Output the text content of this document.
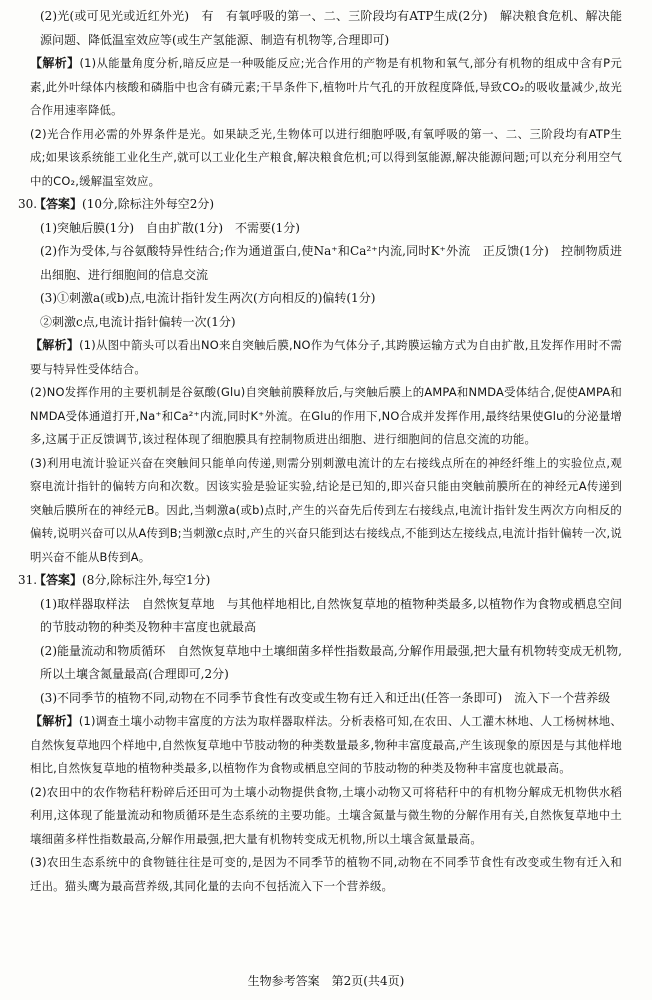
(2)光(或可见光或近红外光)　有　有氧呼吸的第一、二、三阶段均有ATP生成(2分)　解决粮食危机、解决能源问题、降低温室效应等(或生产氢能源、制造有机物等,合理即可)

【解析】(1)从能量角度分析,暗反应是一种吸能反应;光合作用的产物是有机物和氧气,部分有机物的组成中含有P元素,此外叶绿体内核酸和磷脂中也含有磷元素;干旱条件下,植物叶片气孔的开放程度降低,导致CO₂的吸收量减少,故光合作用速率降低。

(2)光合作用必需的外界条件是光。如果缺乏光,生物体可以进行细胞呼吸,有氧呼吸的第一、二、三阶段均有ATP生成;如果该系统能工业化生产,就可以工业化生产粮食,解决粮食危机;可以得到氢能源,解决能源问题;可以充分利用空气中的CO₂,缓解温室效应。

30.【答案】(10分,除标注外每空2分)

(1)突触后膜(1分)　自由扩散(1分)　不需要(1分)

(2)作为受体,与谷氨酸特异性结合;作为通道蛋白,使Na⁺和Ca²⁺内流,同时K⁺外流　正反馈(1分)　控制物质进出细胞、进行细胞间的信息交流

(3)①刺激a(或b)点,电流计指针发生两次(方向相反的)偏转(1分)

②刺激c点,电流计指针偏转一次(1分)

【解析】(1)从图中箭头可以看出NO来自突触后膜,NO作为气体分子,其跨膜运输方式为自由扩散,且发挥作用时不需要与特异性受体结合。

(2)NO发挥作用的主要机制是谷氨酸(Glu)自突触前膜释放后,与突触后膜上的AMPA和NMDA受体结合,促使AMPA和NMDA受体通道打开,Na⁺和Ca²⁺内流,同时K⁺外流。在Glu的作用下,NO合成并发挥作用,最终结果使Glu的分泌量增多,这属于正反馈调节,该过程体现了细胞膜具有控制物质进出细胞、进行细胞间的信息交流的功能。

(3)利用电流计验证兴奋在突触间只能单向传递,则需分别刺激电流计的左右接线点所在的神经纤维上的实验位点,观察电流计指针的偏转方向和次数。因该实验是验证实验,结论是已知的,即兴奋只能由突触前膜所在的神经元A传递到突触后膜所在的神经元B。因此,当刺激a(或b)点时,产生的兴奋先后传到左右接线点,电流计指针发生两次方向相反的偏转,说明兴奋可以从A传到B;当刺激c点时,产生的兴奋只能到达右接线点,不能到达左接线点,电流计指针偏转一次,说明兴奋不能从B传到A。

31.【答案】(8分,除标注外,每空1分)

(1)取样器取样法　自然恢复草地　与其他样地相比,自然恢复草地的植物种类最多,以植物作为食物或栖息空间的节肢动物的种类及物种丰富度也就最高

(2)能量流动和物质循环　自然恢复草地中土壤细菌多样性指数最高,分解作用最强,把大量有机物转变成无机物,所以土壤含氮量最高(合理即可,2分)

(3)不同季节的植物不同,动物在不同季节食性有改变或生物有迁入和迁出(任答一条即可)　流入下一个营养级

【解析】(1)调查土壤小动物丰富度的方法为取样器取样法。分析表格可知,在农田、人工灌木林地、人工杨树林地、自然恢复草地四个样地中,自然恢复草地中节肢动物的种类数量最多,物种丰富度最高,产生该现象的原因是与其他样地相比,自然恢复草地的植物种类最多,以植物作为食物或栖息空间的节肢动物的种类及物种丰富度也就最高。

(2)农田中的农作物秸秆粉碎后还田可为土壤小动物提供食物,土壤小动物又可将秸秆中的有机物分解成无机物供水稻利用,这体现了能量流动和物质循环是生态系统的主要功能。土壤含氮量与微生物的分解作用有关,自然恢复草地中土壤细菌多样性指数最高,分解作用最强,把大量有机物转变成无机物,所以土壤含氮量最高。

(3)农田生态系统中的食物链往往是可变的,是因为不同季节的植物不同,动物在不同季节食性有改变或生物有迁入和迁出。猫头鹰为最高营养级,其同化量的去向不包括流入下一个营养级。

生物参考答案　第2页(共4页)
